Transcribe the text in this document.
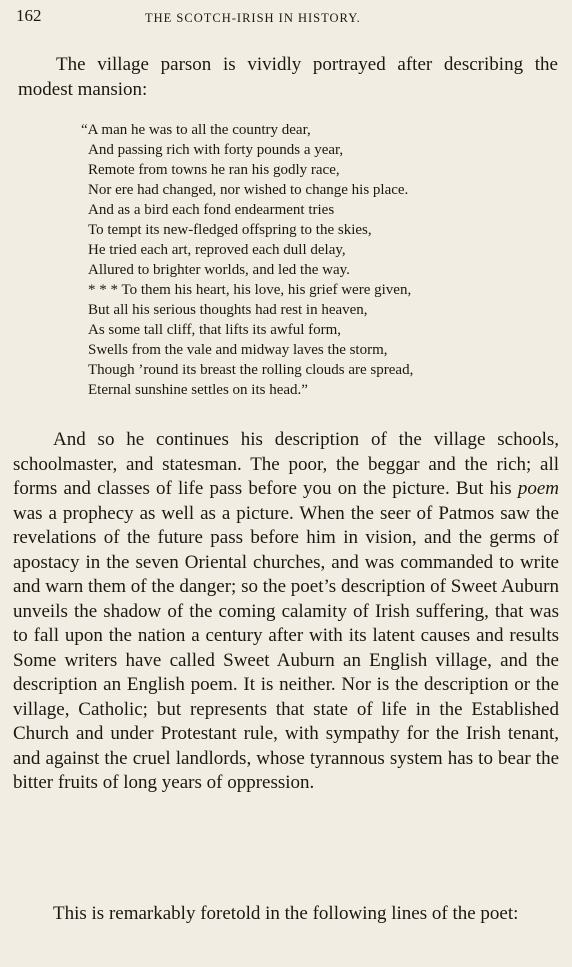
162	THE SCOTCH-IRISH IN HISTORY.

The village parson is vividly portrayed after describing the modest mansion:

“A man he was to all the country dear,
And passing rich with forty pounds a year,
Remote from towns he ran his godly race,
Nor ere had changed, nor wished to change his place.
And as a bird each fond endearment tries
To tempt its new-fledged offspring to the skies,
He tried each art, reproved each dull delay,
Allured to brighter worlds, and led the way.
* * * To them his heart, his love, his grief were given,
But all his serious thoughts had rest in heaven,
As some tall cliff, that lifts its awful form,
Swells from the vale and midway laves the storm,
Though ’round its breast the rolling clouds are spread,
Eternal sunshine settles on its head.”

And so he continues his description of the village schools, schoolmaster, and statesman. The poor, the beggar and the rich; all forms and classes of life pass before you on the picture. But his poem was a prophecy as well as a picture. When the seer of Patmos saw the revelations of the future pass before him in vision, and the germs of apostacy in the seven Oriental churches, and was commanded to write and warn them of the danger; so the poet’s description of Sweet Auburn unveils the shadow of the coming calamity of Irish suffering, that was to fall upon the nation a century after with its latent causes and results Some writers have called Sweet Auburn an English village, and the description an English poem. It is neither. Nor is the description or the village, Catholic; but represents that state of life in the Established Church and under Protestant rule, with sympathy for the Irish tenant, and against the cruel landlords, whose tyrannous system has to bear the bitter fruits of long years of oppression.

This is remarkably foretold in the following lines of the poet:
